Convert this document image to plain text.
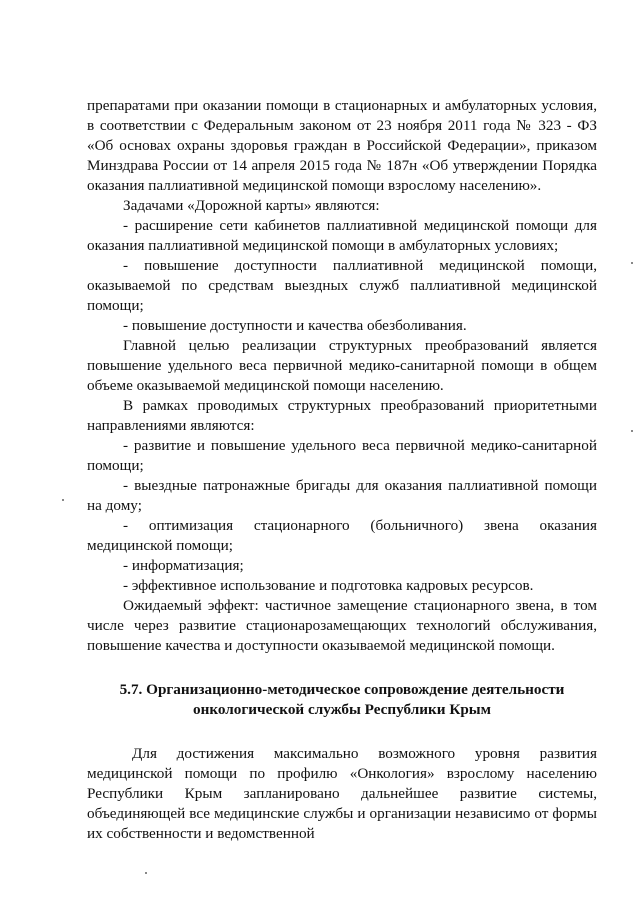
препаратами при оказании помощи в стационарных и амбулаторных условия, в соответствии с Федеральным законом от 23 ноября 2011 года № 323 - ФЗ «Об основах охраны здоровья граждан в Российской Федерации», приказом Минздрава России от 14 апреля 2015 года № 187н «Об утверждении Порядка оказания паллиативной медицинской помощи взрослому населению».

Задачами «Дорожной карты» являются:

- расширение сети кабинетов паллиативной медицинской помощи для оказания паллиативной медицинской помощи в амбулаторных условиях;

- повышение доступности паллиативной медицинской помощи, оказываемой по средствам выездных служб паллиативной медицинской помощи;

- повышение доступности и качества обезболивания.

Главной целью реализации структурных преобразований является повышение удельного веса первичной медико-санитарной помощи в общем объеме оказываемой медицинской помощи населению.

В рамках проводимых структурных преобразований приоритетными направлениями являются:

- развитие и повышение удельного веса первичной медико-санитарной помощи;

- выездные патронажные бригады для оказания паллиативной помощи на дому;

- оптимизация стационарного (больничного) звена оказания медицинской помощи;

- информатизация;

- эффективное использование и подготовка кадровых ресурсов.

Ожидаемый эффект: частичное замещение стационарного звена, в том числе через развитие стационарозамещающих технологий обслуживания, повышение качества и доступности оказываемой медицинской помощи.

5.7. Организационно-методическое сопровождение деятельности
онкологической службы Республики Крым

Для достижения максимально возможного уровня развития медицинской помощи по профилю «Онкология» взрослому населению Республики Крым запланировано дальнейшее развитие системы, объединяющей все медицинские службы и организации независимо от формы их собственности и ведомственной
